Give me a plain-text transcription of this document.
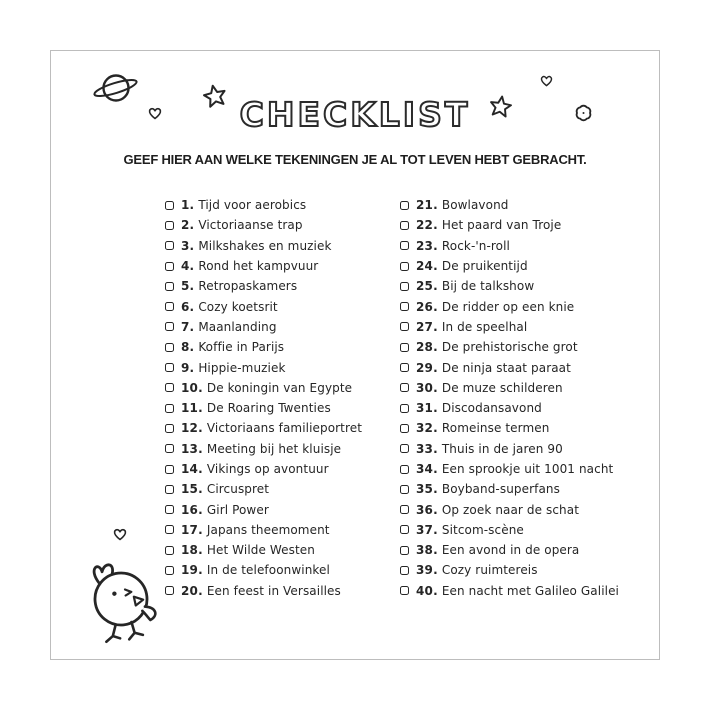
CHECKLIST
GEEF HIER AAN WELKE TEKENINGEN JE AL TOT LEVEN HEBT GEBRACHT.
1. Tijd voor aerobics
2. Victoriaanse trap
3. Milkshakes en muziek
4. Rond het kampvuur
5. Retropaskamers
6. Cozy koetsrit
7. Maanlanding
8. Koffie in Parijs
9. Hippie-muziek
10. De koningin van Egypte
11. De Roaring Twenties
12. Victoriaans familieportret
13. Meeting bij het kluisje
14. Vikings op avontuur
15. Circuspret
16. Girl Power
17. Japans theemoment
18. Het Wilde Westen
19. In de telefoonwinkel
20. Een feest in Versailles
21. Bowlavond
22. Het paard van Troje
23. Rock-'n-roll
24. De pruikentijd
25. Bij de talkshow
26. De ridder op een knie
27. In de speelhal
28. De prehistorische grot
29. De ninja staat paraat
30. De muze schilderen
31. Discodansavond
32. Romeinse termen
33. Thuis in de jaren 90
34. Een sprookje uit 1001 nacht
35. Boyband-superfans
36. Op zoek naar de schat
37. Sitcom-scène
38. Een avond in de opera
39. Cozy ruimtereis
40. Een nacht met Galileo Galilei
